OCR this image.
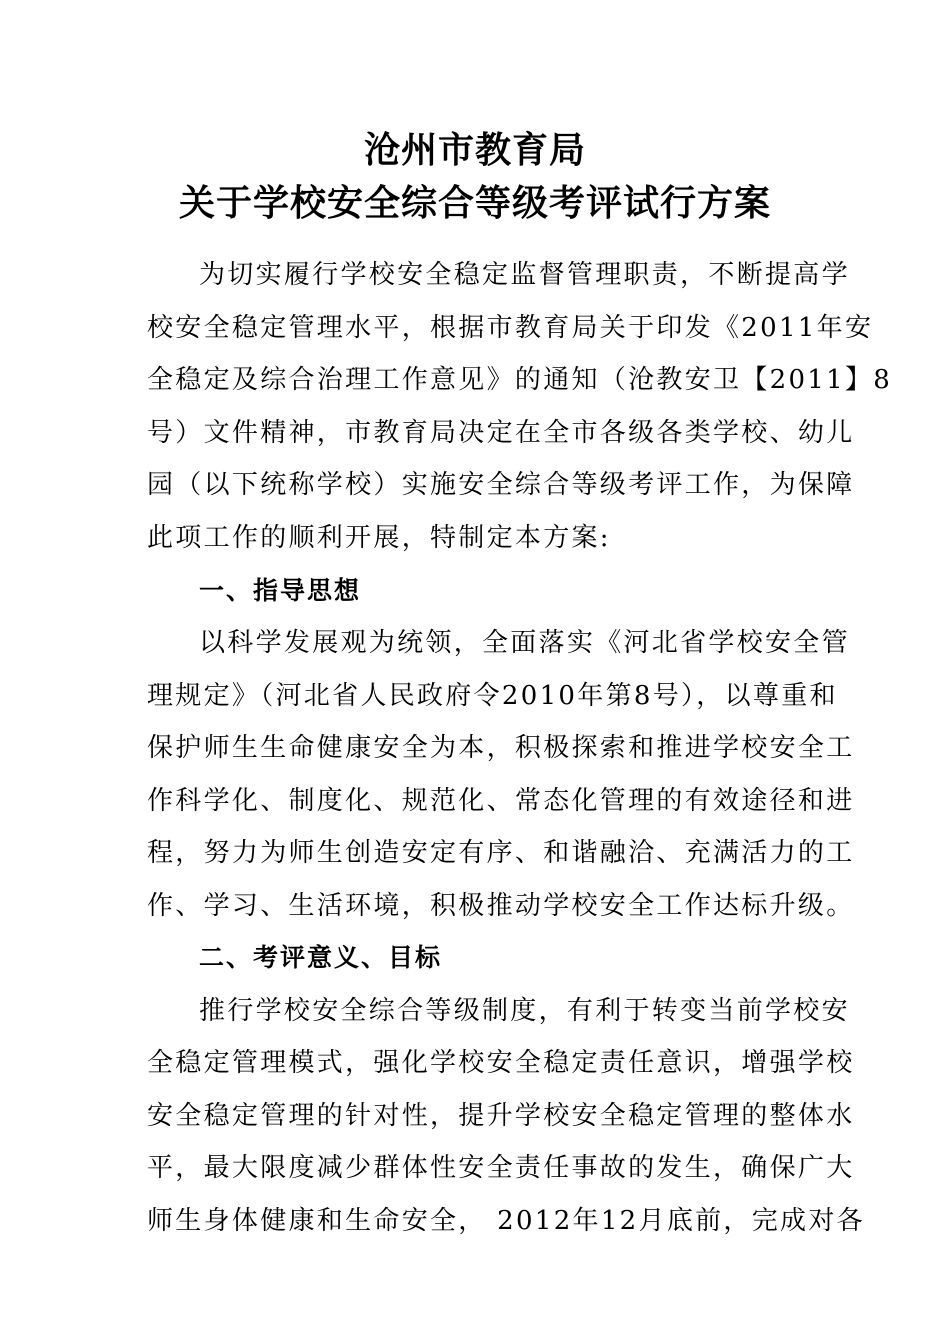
沧州市教育局
关于学校安全综合等级考评试行方案
为切实履行学校安全稳定监督管理职责，不断提高学
校安全稳定管理水平，根据市教育局关于印发《2011年安
全稳定及综合治理工作意见》的通知（沧教安卫【2011】8
号）文件精神，市教育局决定在全市各级各类学校、幼儿
园（以下统称学校）实施安全综合等级考评工作，为保障
此项工作的顺利开展，特制定本方案:
一、指导思想
以科学发展观为统领，全面落实《河北省学校安全管
理规定》（河北省人民政府令2010年第8号），以尊重和
保护师生生命健康安全为本，积极探索和推进学校安全工
作科学化、制度化、规范化、常态化管理的有效途径和进
程，努力为师生创造安定有序、和谐融洽、充满活力的工
作、学习、生活环境，积极推动学校安全工作达标升级。
二、考评意义、目标
推行学校安全综合等级制度，有利于转变当前学校安
全稳定管理模式，强化学校安全稳定责任意识，增强学校
安全稳定管理的针对性，提升学校安全稳定管理的整体水
平，最大限度减少群体性安全责任事故的发生，确保广大
师生身体健康和生命安全， 2012年12月底前，完成对各
